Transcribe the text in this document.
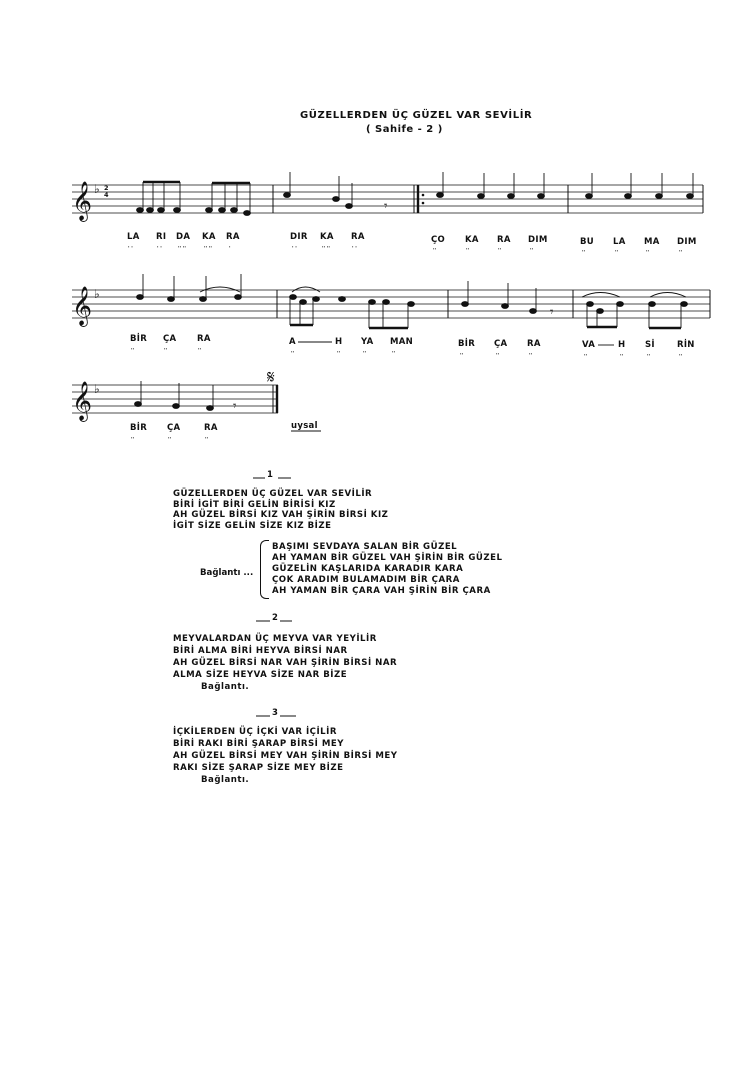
GÜZELLERDEN ÜÇ GÜZEL VAR SEVİLİR
( Sahife - 2 )
𝄞
𝄞
𝄞
♭
♭
♭
2
4
𝄾
𝄾
𝄾
𝄋
LA RI DA KA RA	DIR KA RA	ÇO KA RA DIM	BU LA MA DIM
BİR ÇA RA	A	H YA MAN	BİR ÇA RA	VA	H Sİ	RİN
BİR ÇA	RA	uysal
' '	' '	'' ''	'' ''	'	' '	'' ''	' '	''	''	''	''	''	''	''	''
''	''	''	''	''	''	''	''	''	''	''	''	''	''
''	''	''
1
GÜZELLERDEN ÜÇ GÜZEL VAR SEVİLİR
BİRİ İGİT BİRİ GELİN BİRİSİ KIZ
AH GÜZEL BİRSİ KIZ VAH ŞİRİN BİRSİ KIZ
İGİT SİZE GELİN SİZE KIZ BİZE
Bağlantı ...
BAŞIMI SEVDAYA SALAN BİR GÜZEL
AH YAMAN BİR GÜZEL VAH ŞİRİN BİR GÜZEL
GÜZELİN KAŞLARIDA KARADIR KARA
ÇOK ARADIM BULAMADIM BİR ÇARA
AH YAMAN BİR ÇARA VAH ŞİRİN BİR ÇARA
2
MEYVALARDAN ÜÇ MEYVA VAR YEYİLİR
BİRİ ALMA BİRİ HEYVA BİRSİ NAR
AH GÜZEL BİRSİ NAR VAH ŞİRİN BİRSİ NAR
ALMA SİZE HEYVA SİZE NAR BİZE
Bağlantı.
3
İÇKİLERDEN ÜÇ İÇKİ VAR İÇİLİR
BİRİ RAKI BİRİ ŞARAP BİRSİ MEY
AH GÜZEL BİRSİ MEY VAH ŞİRİN BİRSİ MEY
RAKI SİZE ŞARAP SİZE MEY BİZE
Bağlantı.
